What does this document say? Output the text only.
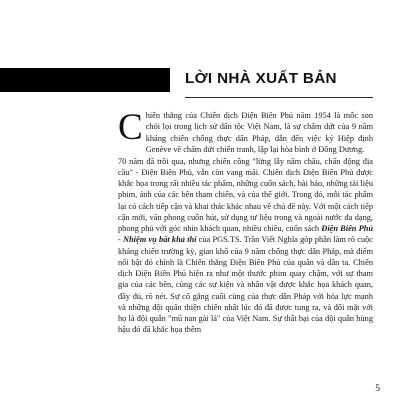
LỜI NHÀ XUẤT BẢN

Chiến thắng của Chiến dịch Điện Biên Phủ năm 1954 là mốc son chói lọi trong lịch sử dân tộc Việt Nam, là sự chấm dứt của 9 năm kháng chiến chống thực dân Pháp, dẫn đến việc ký Hiệp định Genève về chấm dứt chiến tranh, lập lại hòa bình ở Đông Dương.

70 năm đã trôi qua, nhưng chiến công "lừng lẫy năm châu, chấn động địa cầu" - Điện Biên Phủ, vẫn còn vang mãi. Chiến dịch Điện Biên Phủ được khắc họa trong rất nhiều tác phẩm, những cuốn sách, bài báo, những tài liệu phim, ảnh của các bên tham chiến, và của thế giới. Trong đó, mỗi tác phẩm lại có cách tiếp cận và khai thác khác nhau về chủ đề này. Với một cách tiếp cận mới, văn phong cuốn hút, sử dụng tư liệu trong và ngoài nước đa dạng, phong phú với góc nhìn khách quan, nhiều chiều, cuốn sách Điện Biên Phủ - Nhiệm vụ bất khả thi của PGS.TS. Trần Viết Nghĩa góp phần làm rõ cuộc kháng chiến trường kỳ, gian khổ của 9 năm chống thực dân Pháp, mà điểm nổi bật đó chính là Chiến thắng Điện Biên Phủ của quân và dân ta. Chiến dịch Điện Biên Phủ hiện ra như một thước phim quay chậm, với sự tham gia của các bên, cùng các sự kiện và nhân vật được khắc họa khách quan, đầy đủ, rõ nét. Sự cố gắng cuối cùng của thực dân Pháp với hỏa lực mạnh và những đội quân thiện chiến nhất lúc đó đã được tung ra, và đối mặt với họ là đội quân "mũ nan gài lá" của Việt Nam. Sự thất bại của đội quân hùng hậu đó đã khắc họa thêm

5
